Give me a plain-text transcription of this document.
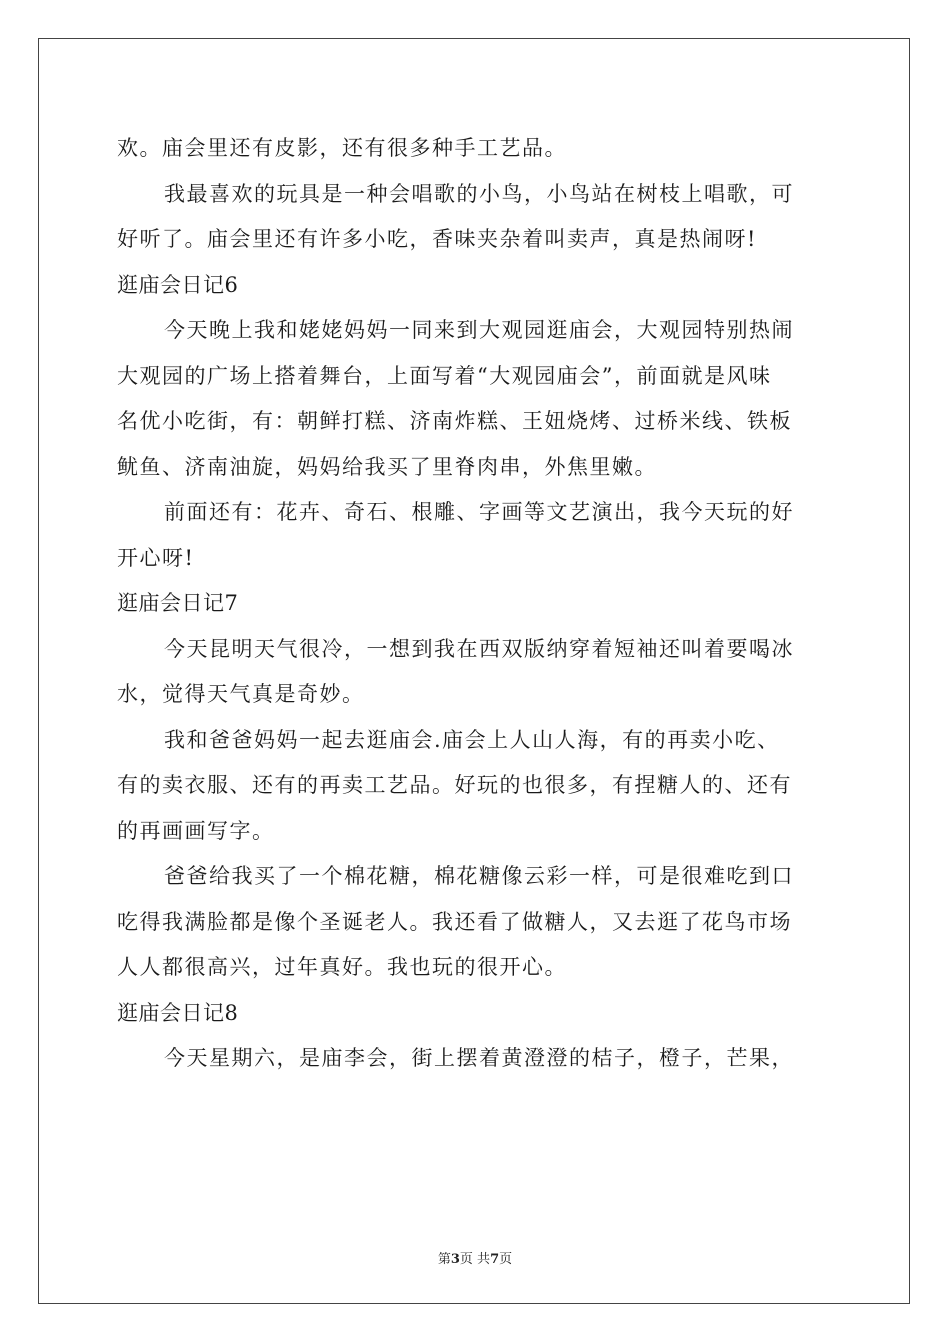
欢。庙会里还有皮影，还有很多种手工艺品。
我最喜欢的玩具是一种会唱歌的小鸟，小鸟站在树枝上唱歌，可
好听了。庙会里还有许多小吃，香味夹杂着叫卖声，真是热闹呀!
逛庙会日记6
今天晚上我和姥姥妈妈一同来到大观园逛庙会，大观园特别热闹
大观园的广场上搭着舞台，上面写着“大观园庙会”，前面就是风味
名优小吃街，有：朝鲜打糕、济南炸糕、王妞烧烤、过桥米线、铁板
鱿鱼、济南油旋，妈妈给我买了里脊肉串，外焦里嫩。
前面还有：花卉、奇石、根雕、字画等文艺演出，我今天玩的好
开心呀!
逛庙会日记7
今天昆明天气很冷，一想到我在西双版纳穿着短袖还叫着要喝冰
水，觉得天气真是奇妙。
我和爸爸妈妈一起去逛庙会.庙会上人山人海，有的再卖小吃、
有的卖衣服、还有的再卖工艺品。好玩的也很多，有捏糖人的、还有
的再画画写字。
爸爸给我买了一个棉花糖，棉花糖像云彩一样，可是很难吃到口
吃得我满脸都是像个圣诞老人。我还看了做糖人，又去逛了花鸟市场
人人都很高兴，过年真好。我也玩的很开心。
逛庙会日记8
今天星期六，是庙李会，街上摆着黄澄澄的桔子，橙子，芒果，
第3页 共7页
